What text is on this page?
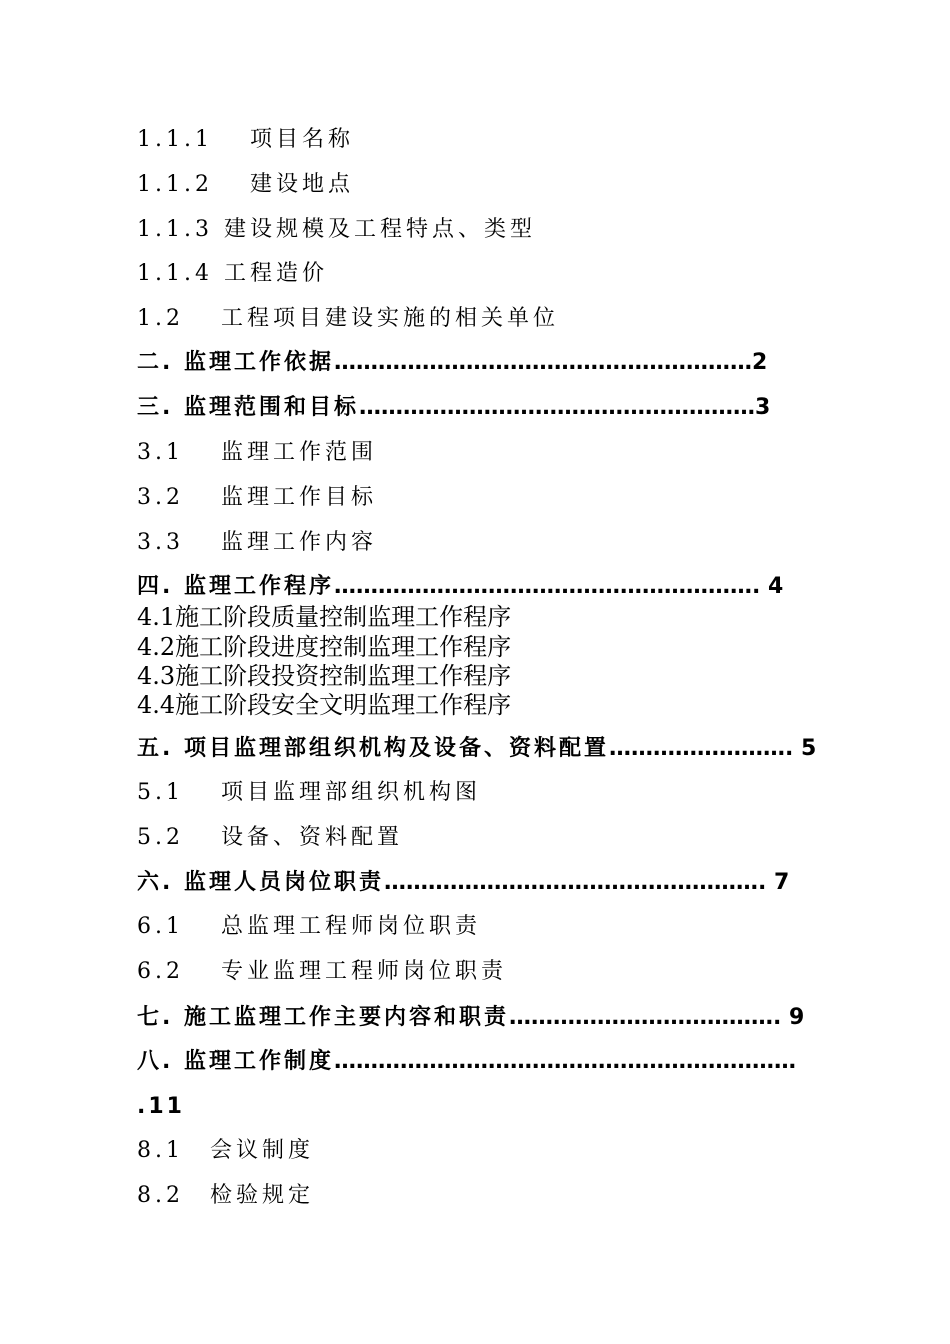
1.1.1　 项目名称
1.1.2　 建设地点
1.1.3 建设规模及工程特点、类型
1.1.4 工程造价
1.2　 工程项目建设实施的相关单位
二. 监理工作依据…………………………………………………2
三. 监理范围和目标………………………………………………3
3.1　 监理工作范围
3.2　 监理工作目标
3.3　 监理工作内容
四. 监理工作程序…………………………………………………. 4
4.1施工阶段质量控制监理工作程序
4.2施工阶段进度控制监理工作程序
4.3施工阶段投资控制监理工作程序
4.4施工阶段安全文明监理工作程序
五. 项目监理部组织机构及设备、资料配置……………………. 5
5.1　 项目监理部组织机构图
5.2　 设备、资料配置
六. 监理人员岗位职责……………………………………………. 7
6.1　 总监理工程师岗位职责
6.2　 专业监理工程师岗位职责
七. 施工监理工作主要内容和职责………………………………. 9
八. 监理工作制度………………………………………………………
.11
8.1　会议制度
8.2　检验规定
